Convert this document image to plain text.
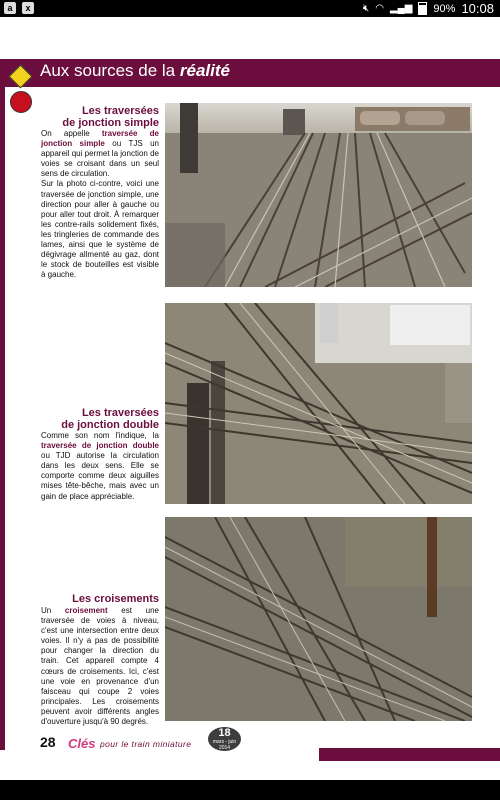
a	x	🔇︎ ◠ ▂▄▆ 90% 10:08
Aux sources de la réalité
Les traversées
de jonction simple
On appelle traversée de jonction simple ou TJS un appareil qui permet la jonction de voies se croisant dans un seul sens de circulation.
Sur la photo ci-contre, voici une traversée de jonction simple, une direction pour aller à gauche ou pour aller tout droit. À remarquer les contre-rails solidement fixés, les tringleries de commande des lames, ainsi que le système de dégivrage allmenté au gaz, dont le stock de bouteilles est visible à gauche.
Les traversées
de jonction double
Comme son nom l'indique, la traversée de jonction double ou TJD autorise la circulation dans les deux sens. Elle se comporte comme deux aiguilles mises tête-bêche, mais avec un gain de place appréciable.
Les croisements
Un croisement est une traversée de voies à niveau, c'est une intersection entre deux voies. Il n'y a pas de possibilité pour changer la direction du train. Cet appareil compte 4 cœurs de croisements. Ici, c'est une voie en provenance d'un faisceau qui coupe 2 voies principales. Les croisements peuvent avoir différents angles d'ouverture jusqu'à 90 degrés.
28 Clés pour le train miniature
18
mars - juin 2014
